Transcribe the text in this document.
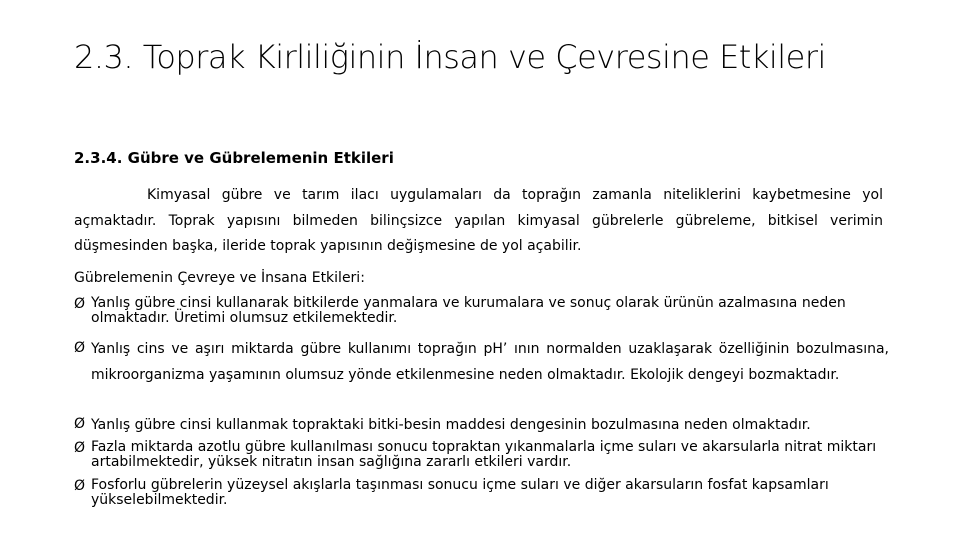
2.3. Toprak Kirliliğinin İnsan ve Çevresine Etkileri

2.3.4. Gübre ve Gübrelemenin Etkileri

Kimyasal gübre ve tarım ilacı uygulamaları da toprağın zamanla niteliklerini kaybetmesine yol açmaktadır. Toprak yapısını bilmeden bilinçsizce yapılan kimyasal gübrelerle gübreleme, bitkisel verimin düşmesinden başka, ileride toprak yapısının değişmesine de yol açabilir.

Gübrelemenin Çevreye ve İnsana Etkileri:

Ø Yanlış gübre cinsi kullanarak bitkilerde yanmalara ve kurumalara ve sonuç olarak ürünün azalmasına neden olmaktadır. Üretimi olumsuz etkilemektedir.
Ø Yanlış cins ve aşırı miktarda gübre kullanımı toprağın pH’ ının normalden uzaklaşarak özelliğinin bozulmasına, mikroorganizma yaşamının olumsuz yönde etkilenmesine neden olmaktadır. Ekolojik dengeyi bozmaktadır.
Ø Yanlış gübre cinsi kullanmak topraktaki bitki-besin maddesi dengesinin bozulmasına neden olmaktadır.
Ø Fazla miktarda azotlu gübre kullanılması sonucu topraktan yıkanmalarla içme suları ve akarsularla nitrat miktarı artabilmektedir, yüksek nitratın insan sağlığına zararlı etkileri vardır.
Ø Fosforlu gübrelerin yüzeysel akışlarla taşınması sonucu içme suları ve diğer akarsuların fosfat kapsamları yükselebilmektedir.
